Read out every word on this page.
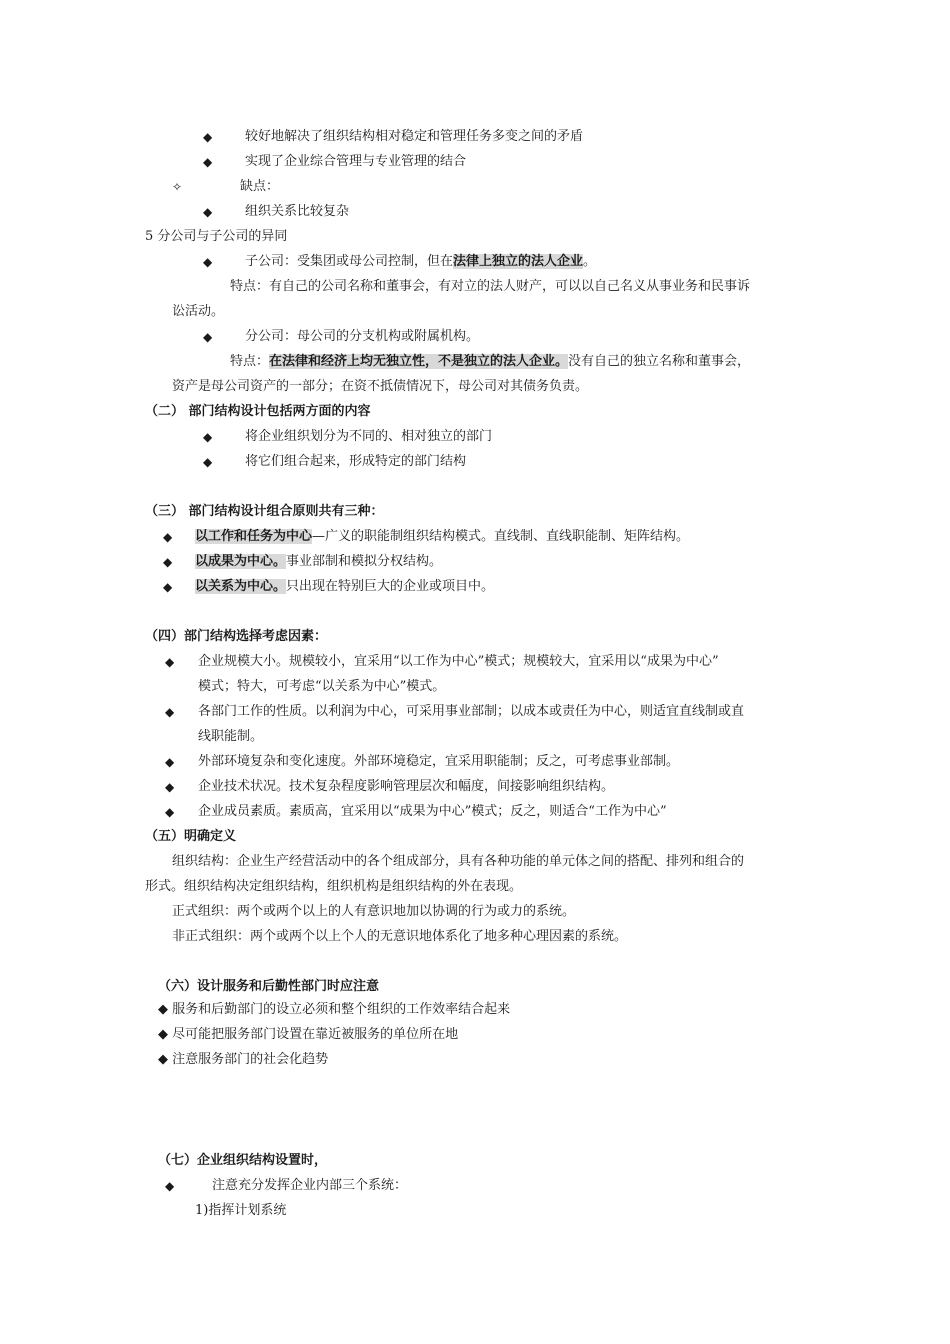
◆	较好地解决了组织结构相对稳定和管理任务多变之间的矛盾
◆	实现了企业综合管理与专业管理的结合
✧	缺点：
◆	组织关系比较复杂
5 分公司与子公司的异同
◆	子公司：受集团或母公司控制，但在法律上独立的法人企业。
特点：有自己的公司名称和董事会，有对立的法人财产，可以以自己名义从事业务和民事诉
讼活动。
◆	分公司：母公司的分支机构或附属机构。
特点：在法律和经济上均无独立性，不是独立的法人企业。没有自己的独立名称和董事会，
资产是母公司资产的一部分；在资不抵债情况下，母公司对其债务负责。
（二） 部门结构设计包括两方面的内容
◆	将企业组织划分为不同的、相对独立的部门
◆	将它们组合起来，形成特定的部门结构
（三） 部门结构设计组合原则共有三种：
◆ 以工作和任务为中心—广义的职能制组织结构模式。直线制、直线职能制、矩阵结构。
◆ 以成果为中心。事业部制和模拟分权结构。
◆ 以关系为中心。只出现在特别巨大的企业或项目中。
（四）部门结构选择考虑因素：
◆ 企业规模大小。规模较小，宜采用“以工作为中心”模式；规模较大，宜采用以“成果为中心”
模式；特大，可考虑“以关系为中心”模式。
◆ 各部门工作的性质。以利润为中心，可采用事业部制；以成本或责任为中心，则适宜直线制或直
线职能制。
◆ 外部环境复杂和变化速度。外部环境稳定，宜采用职能制；反之，可考虑事业部制。
◆ 企业技术状况。技术复杂程度影响管理层次和幅度，间接影响组织结构。
◆ 企业成员素质。素质高，宜采用以“成果为中心”模式；反之，则适合“工作为中心”
（五）明确定义
组织结构：企业生产经营活动中的各个组成部分，具有各种功能的单元体之间的搭配、排列和组合的
形式。组织结构决定组织结构，组织机构是组织结构的外在表现。
正式组织：两个或两个以上的人有意识地加以协调的行为或力的系统。
非正式组织：两个或两个以上个人的无意识地体系化了地多种心理因素的系统。
（六）设计服务和后勤性部门时应注意
◆ 服务和后勤部门的设立必须和整个组织的工作效率结合起来
◆ 尽可能把服务部门设置在靠近被服务的单位所在地
◆ 注意服务部门的社会化趋势
（七）企业组织结构设置时，
◆	注意充分发挥企业内部三个系统：
1)指挥计划系统
